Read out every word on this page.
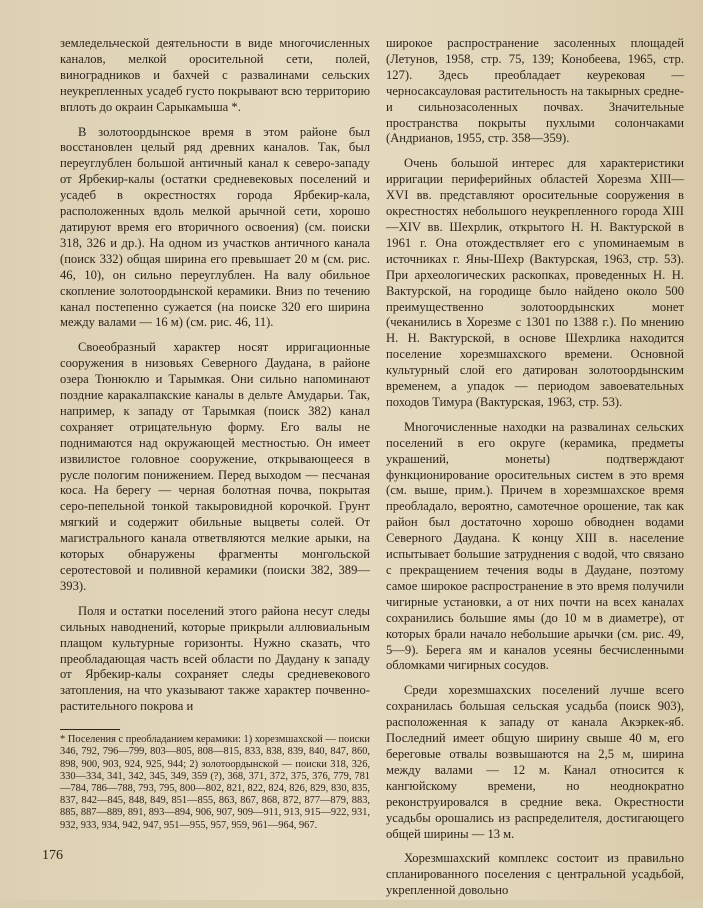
земледельческой деятельности в виде многочисленных каналов, мелкой оросительной сети, полей, виноградников и бахчей с развалинами сельских неукрепленных усадеб густо покрывают всю территорию вплоть до окраин Сарыкамыша *.

В золотоордынское время в этом районе был восстановлен целый ряд древних каналов. Так, был переуглублен большой античный канал к северо-западу от Ярбекир-калы (остатки средневековых поселений и усадеб в окрестностях города Ярбекир-кала, расположенных вдоль мелкой арычной сети, хорошо датируют время его вторичного освоения) (см. поиски 318, 326 и др.). На одном из участков античного канала (поиск 332) общая ширина его превышает 20 м (см. рис. 46, 10), он сильно переуглублен. На валу обильное скопление золотоордынской керамики. Вниз по течению канал постепенно сужается (на поиске 320 его ширина между валами — 16 м) (см. рис. 46, 11).

Своеобразный характер носят ирригационные сооружения в низовьях Северного Даудана, в районе озера Тюнюклю и Тарымкая. Они сильно напоминают поздние каракалпакские каналы в дельте Амударьи. Так, например, к западу от Тарымкая (поиск 382) канал сохраняет отрицательную форму. Его валы не поднимаются над окружающей местностью. Он имеет извилистое головное сооружение, открывающееся в русле пологим понижением. Перед выходом — песчаная коса. На берегу — черная болотная почва, покрытая серо-пепельной тонкой такыровидной корочкой. Грунт мягкий и содержит обильные выцветы солей. От магистрального канала ответвляются мелкие арыки, на которых обнаружены фрагменты монгольской серотестовой и поливной керамики (поиски 382, 389—393).

Поля и остатки поселений этого района несут следы сильных наводнений, которые прикрыли аллювиальным плащом культурные горизонты. Нужно сказать, что преобладающая часть всей области по Даудану к западу от Ярбекир-калы сохраняет следы средневекового затопления, на что указывают также характер почвенно-растительного покрова и

* Поселения с преобладанием керамики: 1) хорезмшахской — поиски 346, 792, 796—799, 803—805, 808—815, 833, 838, 839, 840, 847, 860, 898, 900, 903, 924, 925, 944; 2) золотоордынской — поиски 318, 326, 330—334, 341, 342, 345, 349, 359 (?), 368, 371, 372, 375, 376, 779, 781—784, 786—788, 793, 795, 800—802, 821, 822, 824, 826, 829, 830, 835, 837, 842—845, 848, 849, 851—855, 863, 867, 868, 872, 877—879, 883, 885, 887—889, 891, 893—894, 906, 907, 909—911, 913, 915—922, 931, 932, 933, 934, 942, 947, 951—955, 957, 959, 961—964, 967.

широкое распространение засоленных площадей (Летунов, 1958, стр. 75, 139; Конобеева, 1965, стр. 127). Здесь преобладает кеурековая — черносаксауловая растительность на такырных средне- и сильнозасоленных почвах. Значительные пространства покрыты пухлыми солончаками (Андрианов, 1955, стр. 358—359).

Очень большой интерес для характеристики ирригации периферийных областей Хорезма XIII—XVI вв. представляют оросительные сооружения в окрестностях небольшого неукрепленного города XIII—XIV вв. Шехрлик, открытого Н. Н. Вактурской в 1961 г. Она отождествляет его с упоминаемым в источниках г. Яны-Шехр (Вактурская, 1963, стр. 53). При археологических раскопках, проведенных Н. Н. Вактурской, на городище было найдено около 500 преимущественно золотоордынских монет (чеканились в Хорезме с 1301 по 1388 г.). По мнению Н. Н. Вактурской, в основе Шехрлика находится поселение хорезмшахского времени. Основной культурный слой его датирован золотоордынским временем, а упадок — периодом завоевательных походов Тимура (Вактурская, 1963, стр. 53).

Многочисленные находки на развалинах сельских поселений в его округе (керамика, предметы украшений, монеты) подтверждают функционирование оросительных систем в это время (см. выше, прим.). Причем в хорезмшахское время преобладало, вероятно, самотечное орошение, так как район был достаточно хорошо обводнен водами Северного Даудана. К концу XIII в. население испытывает большие затруднения с водой, что связано с прекращением течения воды в Даудане, поэтому самое широкое распространение в это время получили чигирные установки, а от них почти на всех каналах сохранились большие ямы (до 10 м в диаметре), от которых брали начало небольшие арычки (см. рис. 49, 5—9). Берега ям и каналов усеяны бесчисленными обломками чигирных сосудов.

Среди хорезмшахских поселений лучше всего сохранилась большая сельская усадьба (поиск 903), расположенная к западу от канала Акэркек-яб. Последний имеет общую ширину свыше 40 м, его береговые отвалы возвышаются на 2,5 м, ширина между валами — 12 м. Канал относится к кангюйскому времени, но неоднократно реконструировался в средние века. Окрестности усадьбы орошались из распределителя, достигающего общей ширины — 13 м.

Хорезмшахский комплекс состоит из правильно спланированного поселения с центральной усадьбой, укрепленной довольно

176
